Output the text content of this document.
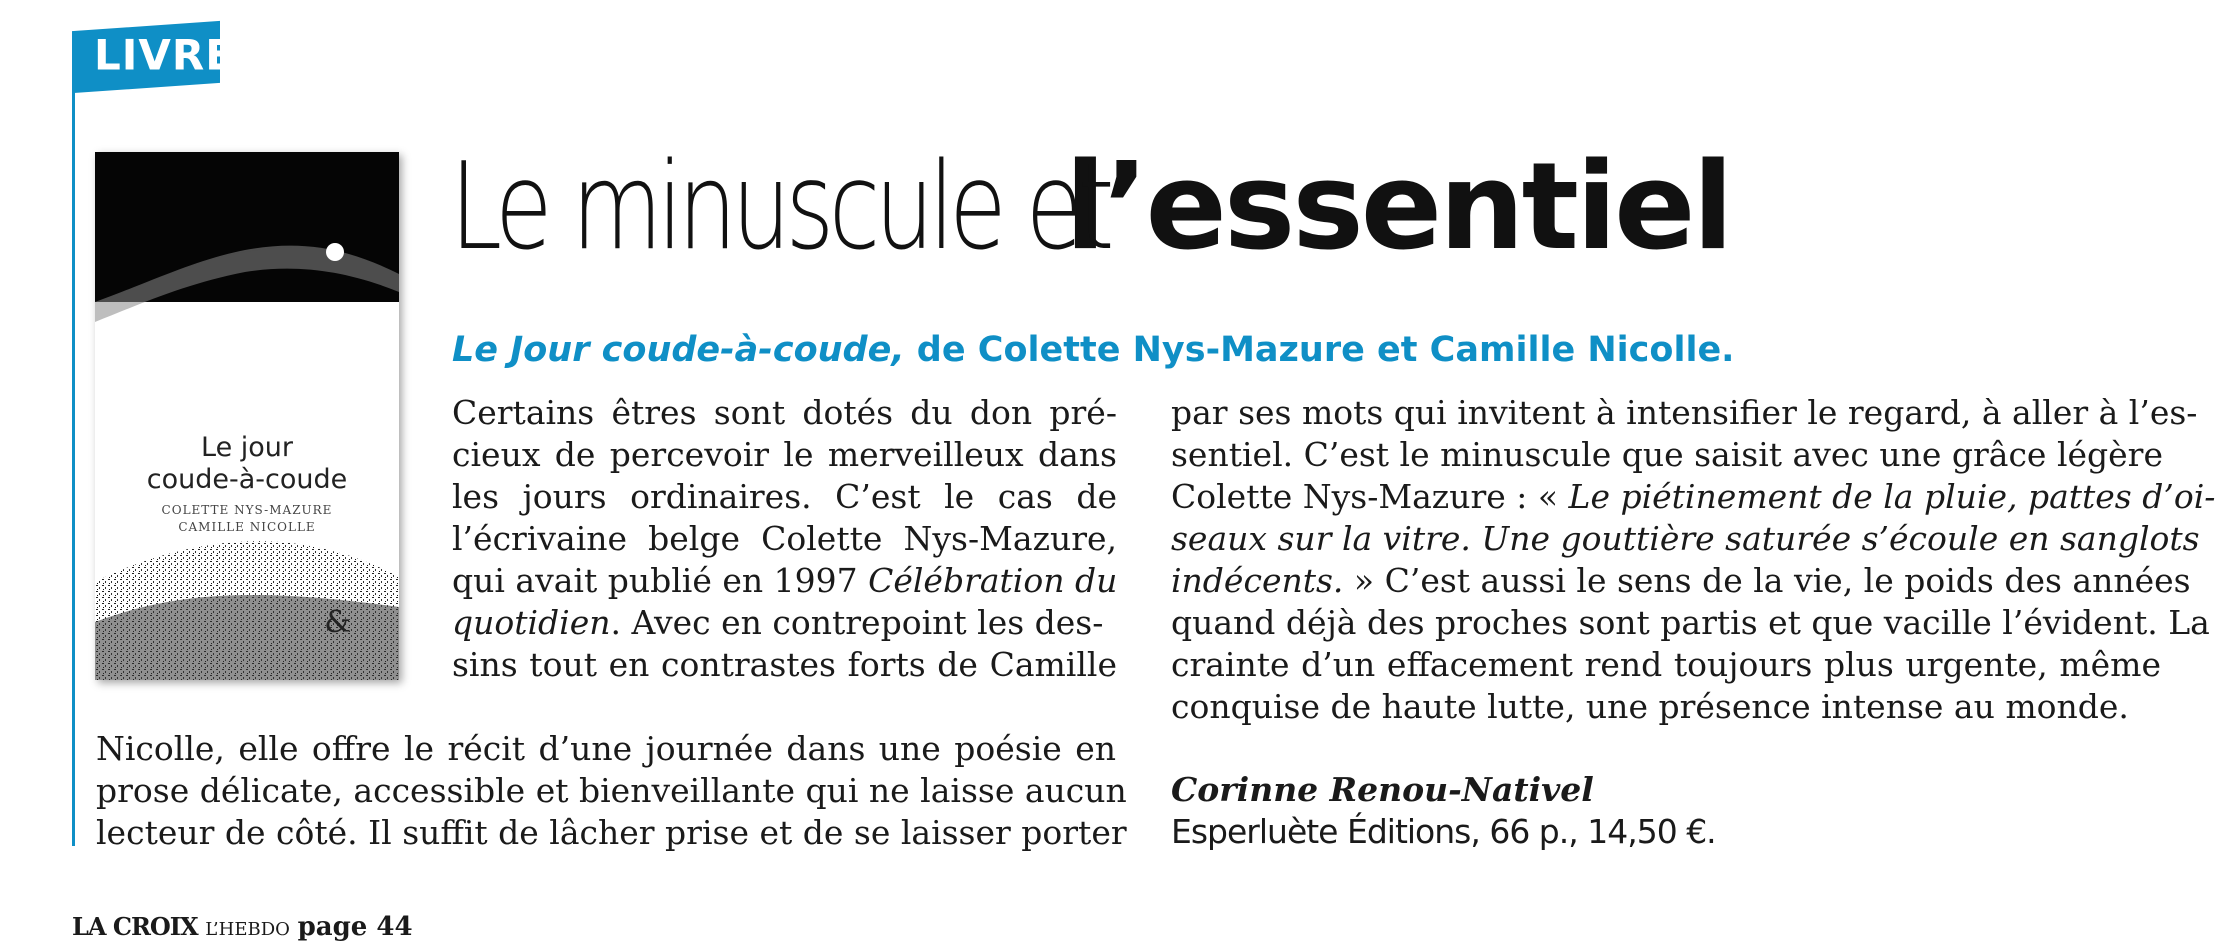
LIVRE
Le jour
coude-à-coude
COLETTE NYS-MAZURE
CAMILLE NICOLLE
&
Le minuscule etl’essentiel
Le Jour coude-à-coude, de Colette Nys-Mazure et Camille Nicolle.
Certains êtres sont dotés du don pré-
cieux de percevoir le merveilleux dans
les jours ordinaires. C’est le cas de
l’écrivaine belge Colette Nys-Mazure,
qui avait publié en 1997 Célébration du
quotidien. Avec en contrepoint les des-
sins tout en contrastes forts de Camille
Nicolle, elle offre le récit d’une journée dans une poésie en
prose délicate, accessible et bienveillante qui ne laisse aucun
lecteur de côté. Il suffit de lâcher prise et de se laisser porter
par ses mots qui invitent à intensifier le regard, à aller à l’es-
sentiel. C’est le minuscule que saisit avec une grâce légère
Colette Nys-Mazure : « Le piétinement de la pluie, pattes d’oi-
seaux sur la vitre. Une gouttière saturée s’écoule en sanglots
indécents. » C’est aussi le sens de la vie, le poids des années
quand déjà des proches sont partis et que vacille l’évident. La
crainte d’un effacement rend toujours plus urgente, même
conquise de haute lutte, une présence intense au monde.
Corinne Renou-Nativel
Esperluète Éditions, 66 p., 14,50 €.
LA CROIX L’HEBDO page 44
